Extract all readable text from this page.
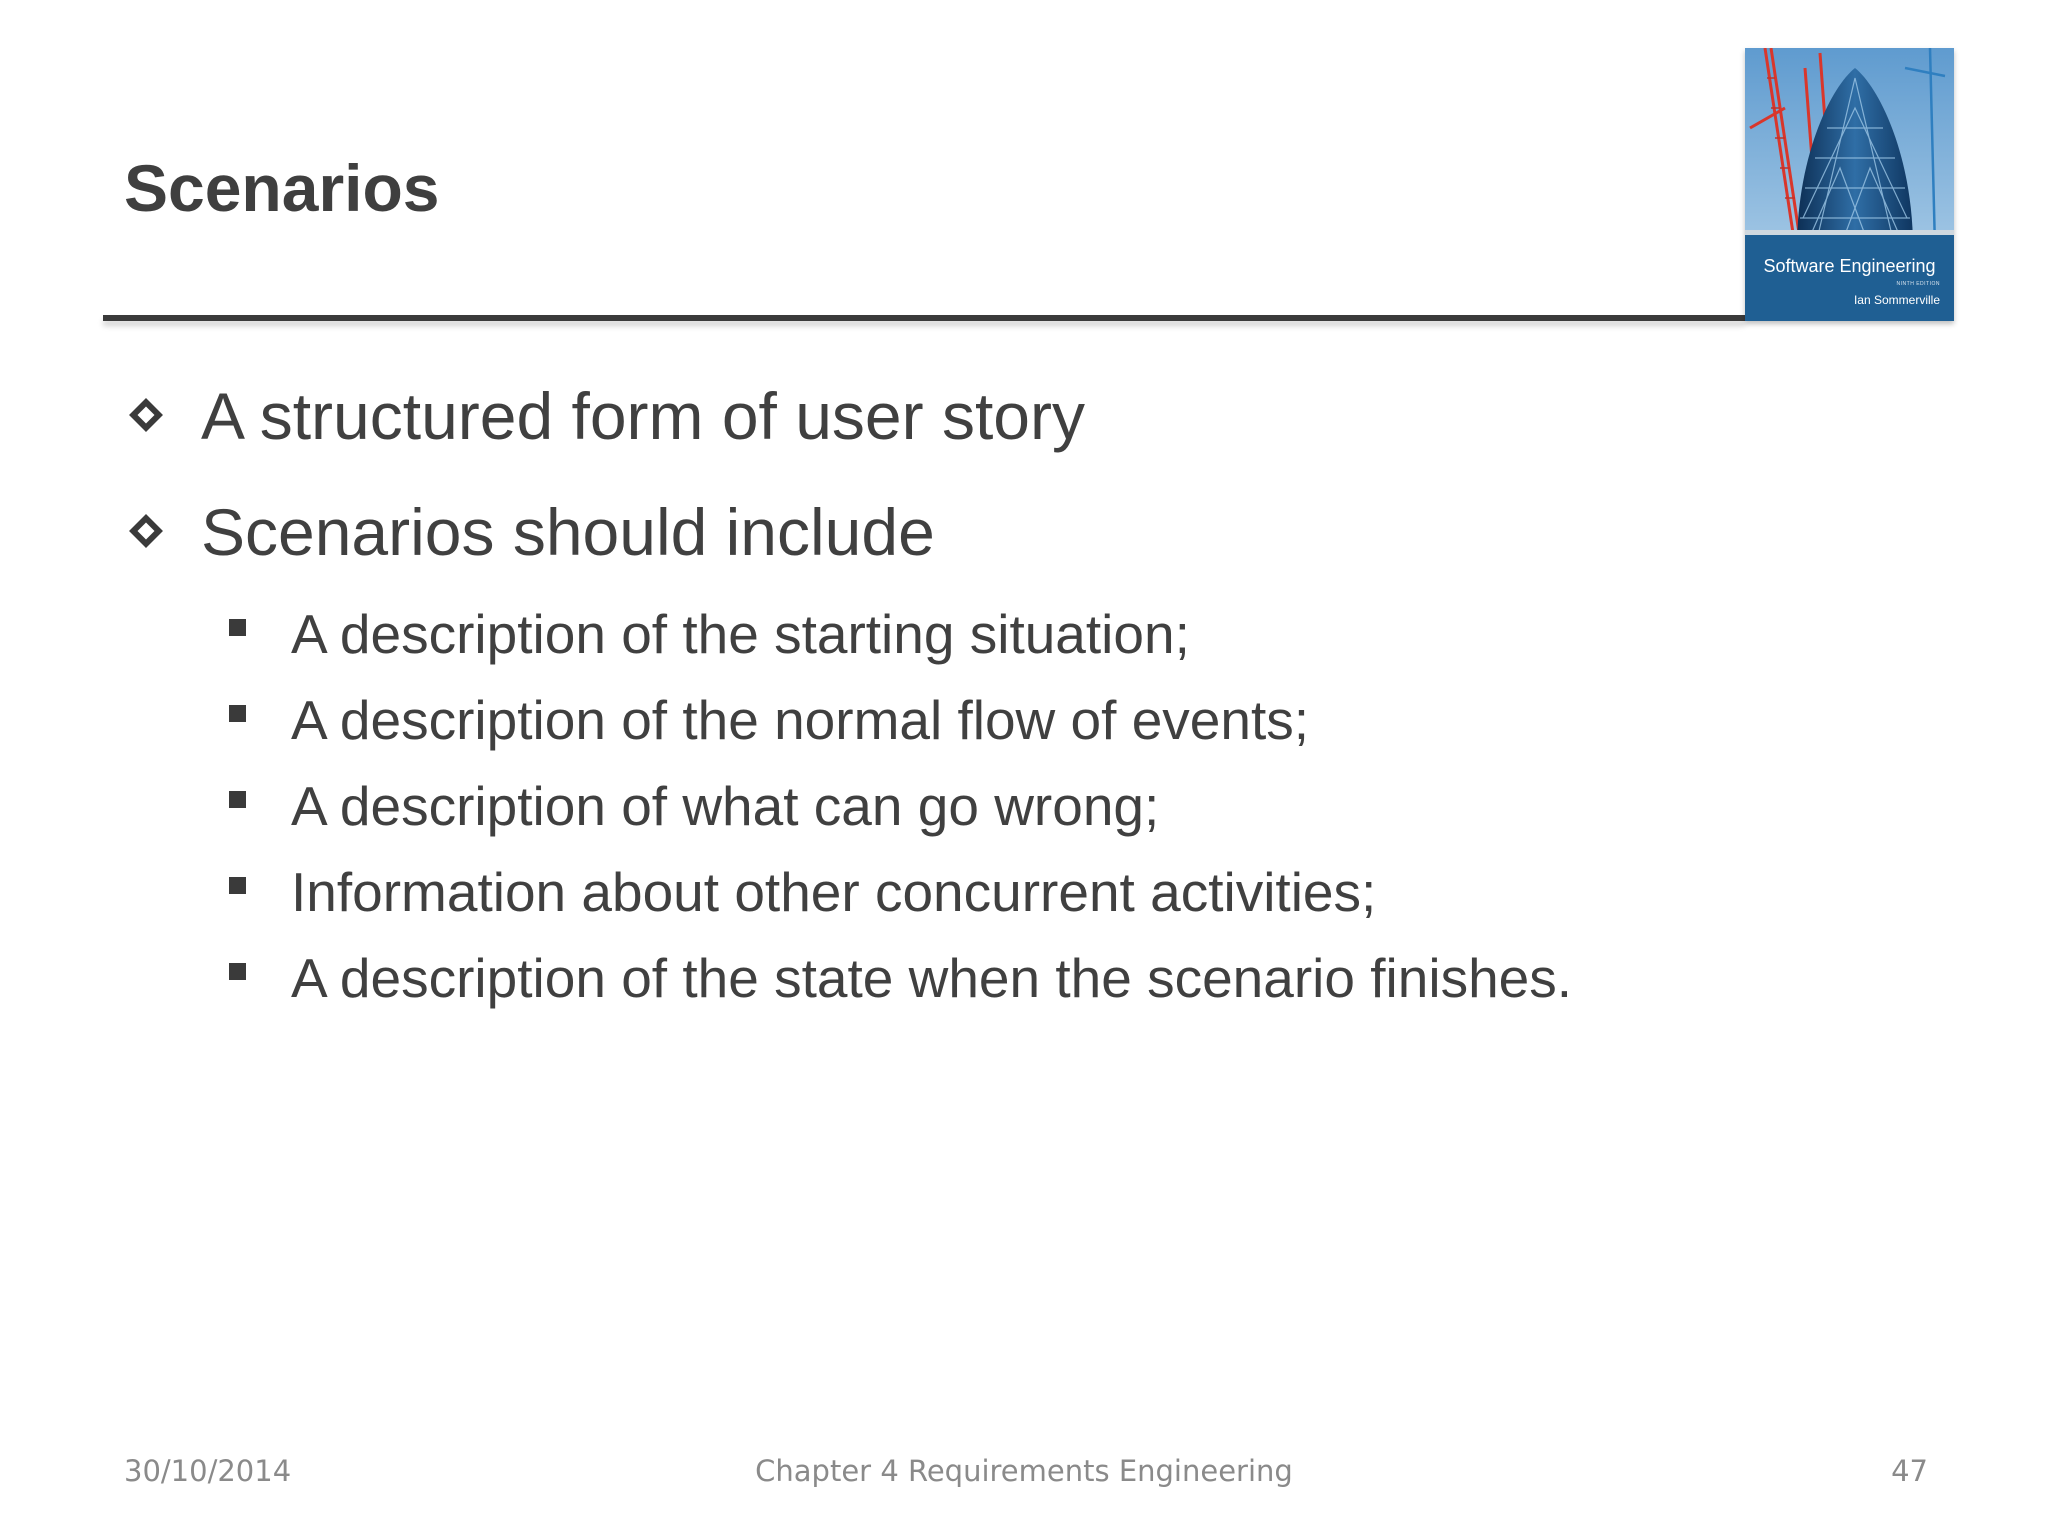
Scenarios
Software Engineering
NINTH EDITION
Ian Sommerville
A structured form of user story
Scenarios should include
A description of the starting situation;
A description of the normal flow of events;
A description of what can go wrong;
Information about other concurrent activities;
A description of the state when the scenario finishes.
30/10/2014	Chapter 4 Requirements Engineering	47
